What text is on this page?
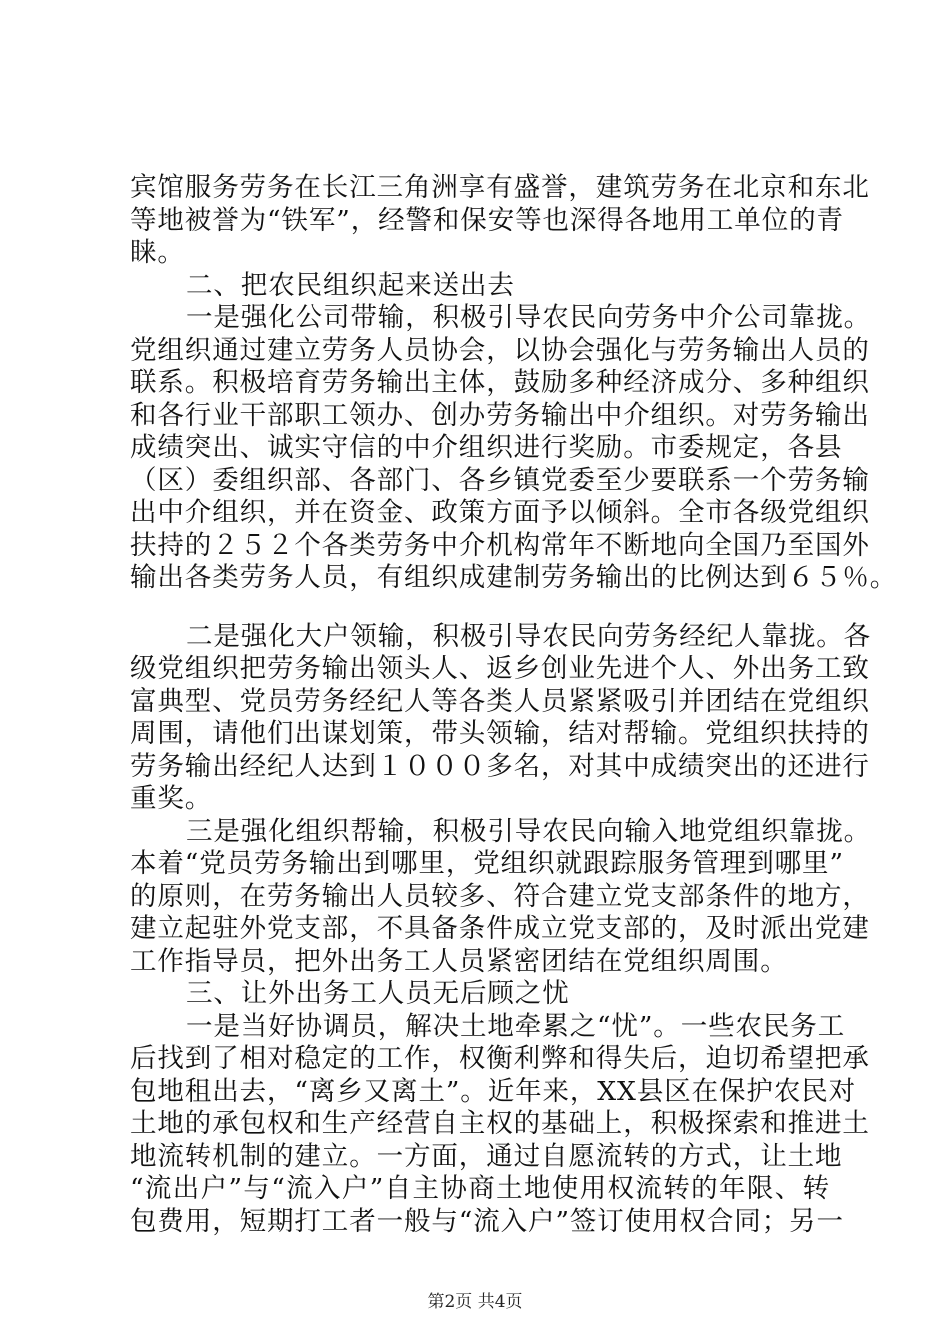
宾馆服务劳务在长江三角洲享有盛誉，建筑劳务在北京和东北
等地被誉为“铁军”，经警和保安等也深得各地用工单位的青
睐。
二、把农民组织起来送出去
一是强化公司带输，积极引导农民向劳务中介公司靠拢。
党组织通过建立劳务人员协会，以协会强化与劳务输出人员的
联系。积极培育劳务输出主体，鼓励多种经济成分、多种组织
和各行业干部职工领办、创办劳务输出中介组织。对劳务输出
成绩突出、诚实守信的中介组织进行奖励。市委规定，各县
（区）委组织部、各部门、各乡镇党委至少要联系一个劳务输
出中介组织，并在资金、政策方面予以倾斜。全市各级党组织
扶持的２５２个各类劳务中介机构常年不断地向全国乃至国外
输出各类劳务人员，有组织成建制劳务输出的比例达到６５％。
二是强化大户领输，积极引导农民向劳务经纪人靠拢。各
级党组织把劳务输出领头人、返乡创业先进个人、外出务工致
富典型、党员劳务经纪人等各类人员紧紧吸引并团结在党组织
周围，请他们出谋划策，带头领输，结对帮输。党组织扶持的
劳务输出经纪人达到１０００多名，对其中成绩突出的还进行
重奖。
三是强化组织帮输，积极引导农民向输入地党组织靠拢。
本着“党员劳务输出到哪里，党组织就跟踪服务管理到哪里”
的原则，在劳务输出人员较多、符合建立党支部条件的地方，
建立起驻外党支部，不具备条件成立党支部的，及时派出党建
工作指导员，把外出务工人员紧密团结在党组织周围。
三、让外出务工人员无后顾之忧
一是当好协调员，解决土地牵累之“忧”。一些农民务工
后找到了相对稳定的工作，权衡利弊和得失后，迫切希望把承
包地租出去，“离乡又离土”。近年来，XX县区在保护农民对
土地的承包权和生产经营自主权的基础上，积极探索和推进土
地流转机制的建立。一方面，通过自愿流转的方式，让土地
“流出户”与“流入户”自主协商土地使用权流转的年限、转
包费用，短期打工者一般与“流入户”签订使用权合同；另一
第2页 共4页
